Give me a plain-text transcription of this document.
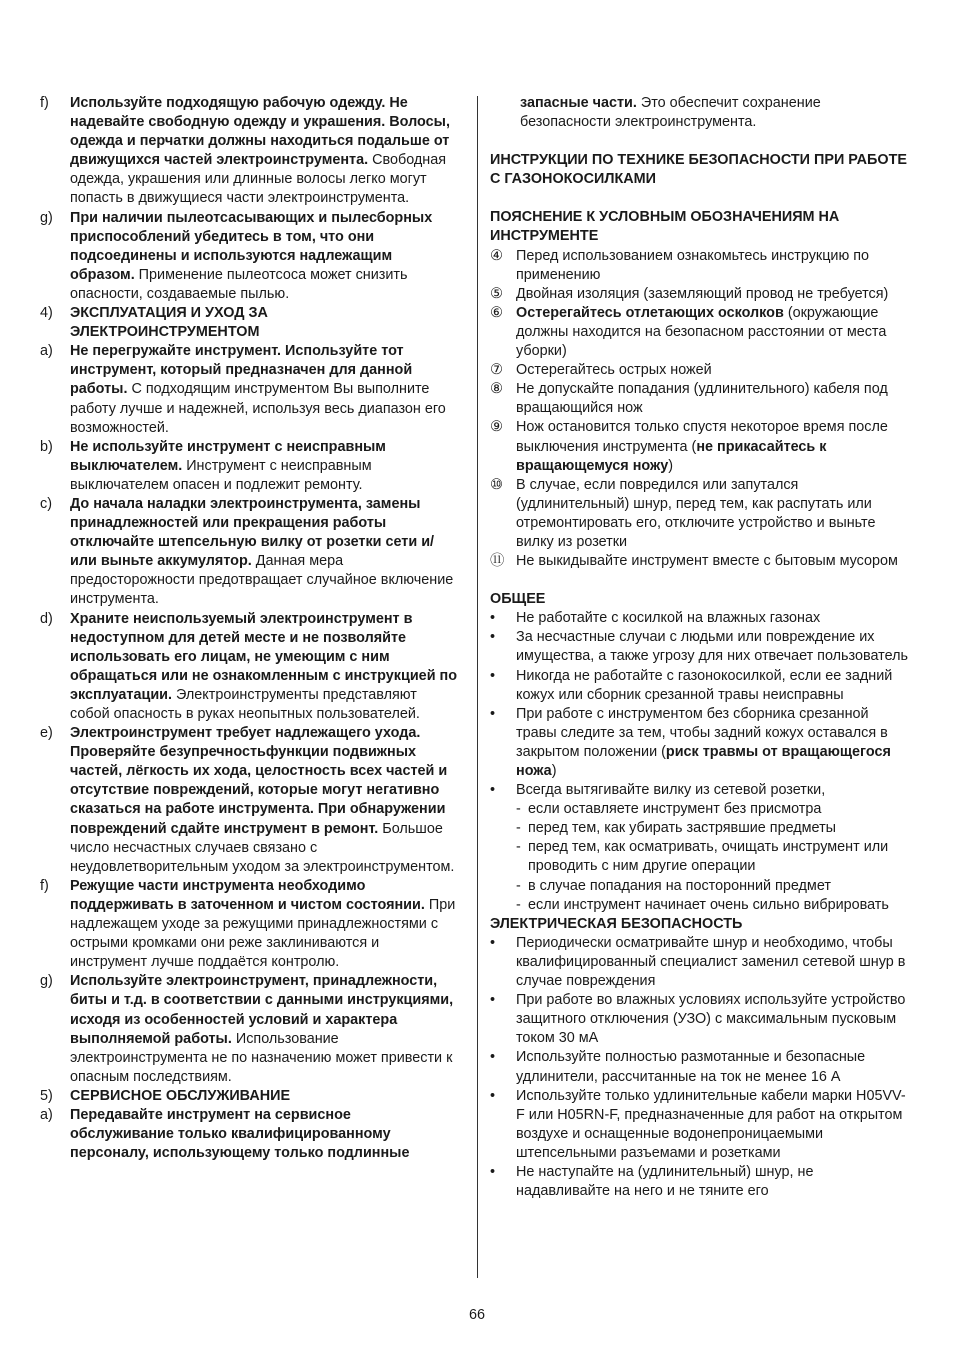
f)	Используйте подходящую рабочую одежду. Не надевайте свободную одежду и украшения. Волосы, одежда и перчатки должны находиться подальше от движущихся частей электроинструмента. Свободная одежда, украшения или длинные волосы легко могут попасть в движущиеся части электроинструмента.
g)	При наличии пылеотсасывающих и пылесборных приспособлений убедитесь в том, что они подсоединены и используются надлежащим образом. Применение пылеотсоса может снизить опасности, создаваемые пылью.
4)	ЭКСПЛУАТАЦИЯ И УХОД ЗА ЭЛЕКТРОИНСТРУМЕНТОМ
a)	Не перегружайте инструмент. Используйте тот инструмент, который предназначен для данной работы. С подходящим инструментом Вы выполните работу лучше и надежней, используя весь диапазон его возможностей.
b)	Не используйте инструмент с неисправным выключателем. Инструмент с неисправным выключателем опасен и подлежит ремонту.
c)	До начала наладки электроинструмента, замены принадлежностей или прекращения работы отключайте штепсельную вилку от розетки сети и/или выньте аккумулятор. Данная мера предосторожности предотвращает случайное включение инструмента.
d)	Храните неиспользуемый электроинструмент в недоступном для детей месте и не позволяйте использовать его лицам, не умеющим с ним обращаться или не ознакомленным с инструкцией по эксплуатации. Электроинструменты представляют собой опасность в руках неопытных пользователей.
e)	Электроинструмент требует надлежащего ухода. Проверяйте безупречностьфункции подвижных частей, лёгкость их хода, целостность всех частей и отсутствие повреждений, которые могут негативно сказаться на работе инструмента. При обнаружении повреждений сдайте инструмент в ремонт. Большое число несчастных случаев связано с неудовлетворительным уходом за электроинструментом.
f)	Режущие части инструмента необходимо поддерживать в заточенном и чистом состоянии. При надлежащем уходе за режущими принадлежностями с острыми кромками они реже заклиниваются и инструмент лучше поддаётся контролю.
g)	Используйте электроинструмент, принадлежности, биты и т.д. в соответствии с данными инструкциями, исходя из особенностей условий и характера выполняемой работы. Использование электроинструмента не по назначению может привести к опасным последствиям.
5)	СЕРВИСНОЕ ОБСЛУЖИВАНИЕ
a)	Передавайте инструмент на сервисное обслуживание только квалифицированному персоналу, использующему только подлинные
запасные части. Это обеспечит сохранение безопасности электроинструмента.
ИНСТРУКЦИИ ПО ТЕХНИКЕ БЕЗОПАСНОСТИ ПРИ РАБОТЕ С ГАЗОНОКОСИЛКАМИ
ПОЯСНЕНИЕ К УСЛОВНЫМ ОБОЗНАЧЕНИЯМ НА ИНСТРУМЕНТЕ
④ Перед использованием ознакомьтесь инструкцию по применению
⑤ Двойная изоляция (заземляющий провод не требуется)
⑥ Остерегайтесь отлетающих осколков (окружающие должны находится на безопасном расстоянии от места уборки)
⑦ Остерегайтесь острых ножей
⑧ Не допускайте попадания (удлинительного) кабеля под вращающийся нож
⑨ Нож остановится только спустя некоторое время после выключения инструмента (не прикасайтесь к вращающемуся ножу)
⑩ В случае, если повредился или запутался (удлинительный) шнур, перед тем, как распутать или отремонтировать его, отключите устройство и выньте вилку из розетки
⑪ Не выкидывайте инструмент вместе с бытовым мусором
ОБЩЕЕ
•	Не работайте с косилкой на влажных газонах
•	За несчастные случаи с людьми или повреждение их имущества, а также угрозу для них отвечает пользователь
•	Никогда не работайте с газонокосилкой, если ее задний кожух или сборник срезанной травы неисправны
•	При работе с инструментом без сборника срезанной травы следите за тем, чтобы задний кожух оставался в закрытом положении (риск травмы от вращающегося ножа)
•	Всегда вытягивайте вилку из сетевой розетки,
- если оставляете инструмент без присмотра
- перед тем, как убирать застрявшие предметы
- перед тем, как осматривать, очищать инструмент или проводить с ним другие операции
- в случае попадания на посторонний предмет
- если инструмент начинает очень сильно вибрировать
ЭЛЕКТРИЧЕСКАЯ БЕЗОПАСНОСТЬ
•	Периодически осматривайте шнур и необходимо, чтобы квалифицированный специалист заменил сетевой шнур в случае повреждения
•	При работе во влажных условиях используйте устройство защитного отключения (УЗО) с максимальным пусковым током 30 мА
•	Используйте полностью размотанные и безопасные удлинители, рассчитанные на ток не менее 16 А
•	Используйте только удлинительные кабели марки H05VV-F или H05RN-F, предназначенные для работ на открытом воздухе и оснащенные водонепроницаемыми штепсельными разъемами и розетками
•	Не наступайте на (удлинительный) шнур, не надавливайте на него и не тяните его
66
